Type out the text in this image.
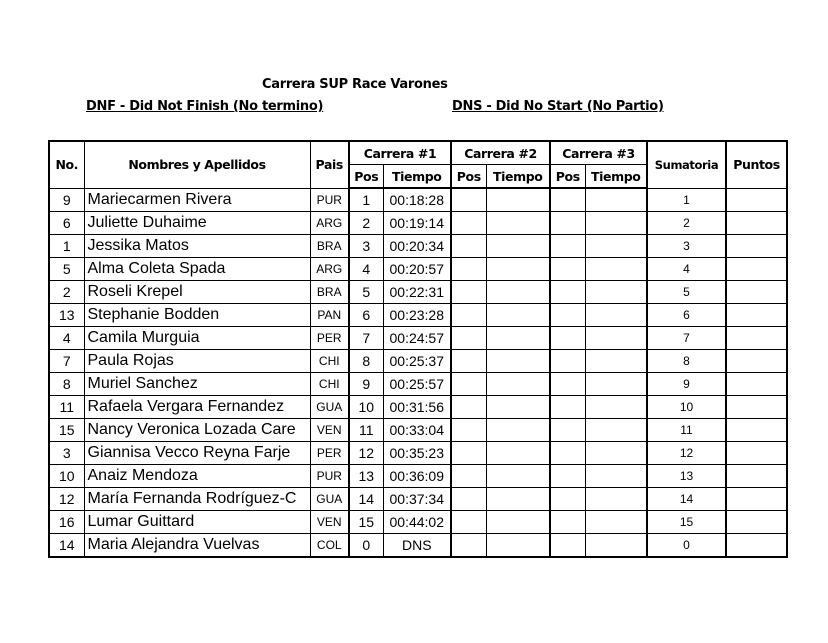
Carrera SUP Race Varones
DNF - Did Not Finish (No termino)	DNS - Did No Start (No Partio)
No.	Nombres y Apellidos	Pais	Carrera #1		Carrera #2		Carrera #3		Sumatoria	Puntos
			Pos	Tiempo	Pos	Tiempo	Pos	Tiempo		
9	Mariecarmen Rivera	PUR	1	00:18:28					1	
6	Juliette Duhaime	ARG	2	00:19:14					2	
1	Jessika Matos	BRA	3	00:20:34					3	
5	Alma Coleta Spada	ARG	4	00:20:57					4	
2	Roseli Krepel	BRA	5	00:22:31					5	
13	Stephanie Bodden	PAN	6	00:23:28					6	
4	Camila Murguia	PER	7	00:24:57					7	
7	Paula Rojas	CHI	8	00:25:37					8	
8	Muriel Sanchez	CHI	9	00:25:57					9	
11	Rafaela Vergara Fernandez	GUA	10	00:31:56					10	
15	Nancy Veronica Lozada Care	VEN	11	00:33:04					11	
3	Giannisa Vecco Reyna Farje	PER	12	00:35:23					12	
10	Anaiz Mendoza	PUR	13	00:36:09					13	
12	María Fernanda Rodríguez-C	GUA	14	00:37:34					14	
16	Lumar Guittard	VEN	15	00:44:02					15	
14	Maria Alejandra Vuelvas	COL	0	DNS					0	
